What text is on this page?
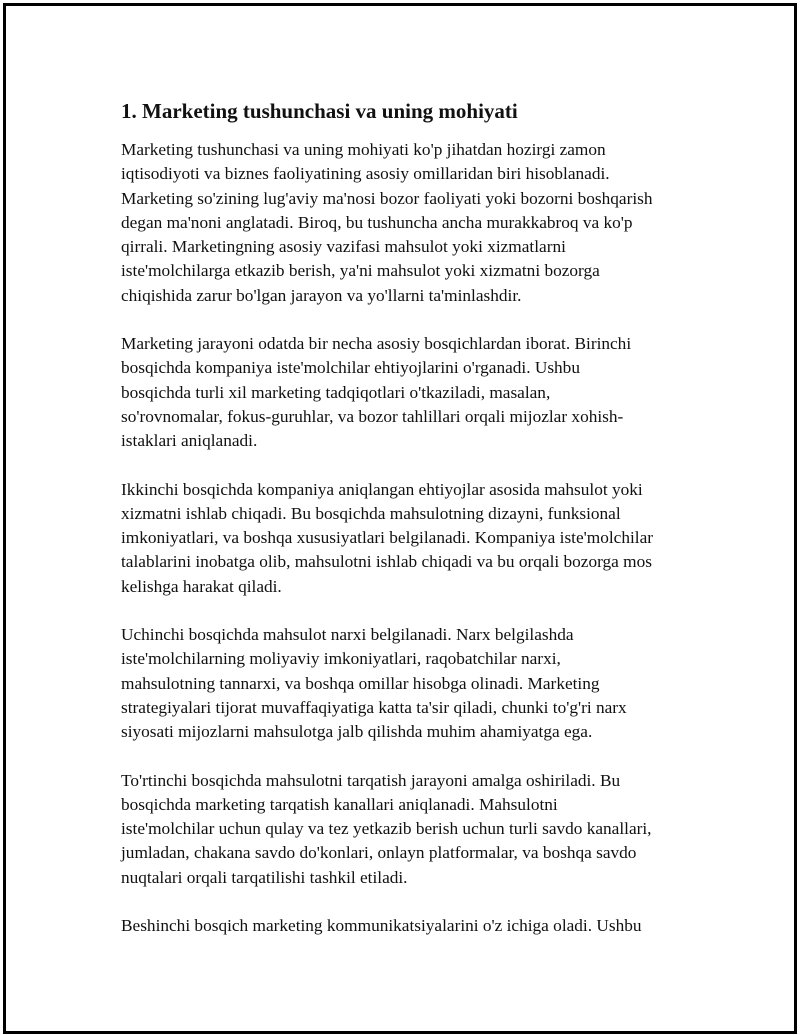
1. Marketing tushunchasi va uning mohiyati

Marketing tushunchasi va uning mohiyati ko'p jihatdan hozirgi zamon
iqtisodiyoti va biznes faoliyatining asosiy omillaridan biri hisoblanadi.
Marketing so'zining lug'aviy ma'nosi bozor faoliyati yoki bozorni boshqarish
degan ma'noni anglatadi. Biroq, bu tushuncha ancha murakkabroq va ko'p
qirrali. Marketingning asosiy vazifasi mahsulot yoki xizmatlarni
iste'molchilarga etkazib berish, ya'ni mahsulot yoki xizmatni bozorga
chiqishida zarur bo'lgan jarayon va yo'llarni ta'minlashdir.

Marketing jarayoni odatda bir necha asosiy bosqichlardan iborat. Birinchi
bosqichda kompaniya iste'molchilar ehtiyojlarini o'rganadi. Ushbu
bosqichda turli xil marketing tadqiqotlari o'tkaziladi, masalan,
so'rovnomalar, fokus-guruhlar, va bozor tahlillari orqali mijozlar xohish-
istaklari aniqlanadi.

Ikkinchi bosqichda kompaniya aniqlangan ehtiyojlar asosida mahsulot yoki
xizmatni ishlab chiqadi. Bu bosqichda mahsulotning dizayni, funksional
imkoniyatlari, va boshqa xususiyatlari belgilanadi. Kompaniya iste'molchilar
talablarini inobatga olib, mahsulotni ishlab chiqadi va bu orqali bozorga mos
kelishga harakat qiladi.

Uchinchi bosqichda mahsulot narxi belgilanadi. Narx belgilashda
iste'molchilarning moliyaviy imkoniyatlari, raqobatchilar narxi,
mahsulotning tannarxi, va boshqa omillar hisobga olinadi. Marketing
strategiyalari tijorat muvaffaqiyatiga katta ta'sir qiladi, chunki to'g'ri narx
siyosati mijozlarni mahsulotga jalb qilishda muhim ahamiyatga ega.

To'rtinchi bosqichda mahsulotni tarqatish jarayoni amalga oshiriladi. Bu
bosqichda marketing tarqatish kanallari aniqlanadi. Mahsulotni
iste'molchilar uchun qulay va tez yetkazib berish uchun turli savdo kanallari,
jumladan, chakana savdo do'konlari, onlayn platformalar, va boshqa savdo
nuqtalari orqali tarqatilishi tashkil etiladi.

Beshinchi bosqich marketing kommunikatsiyalarini o'z ichiga oladi. Ushbu
